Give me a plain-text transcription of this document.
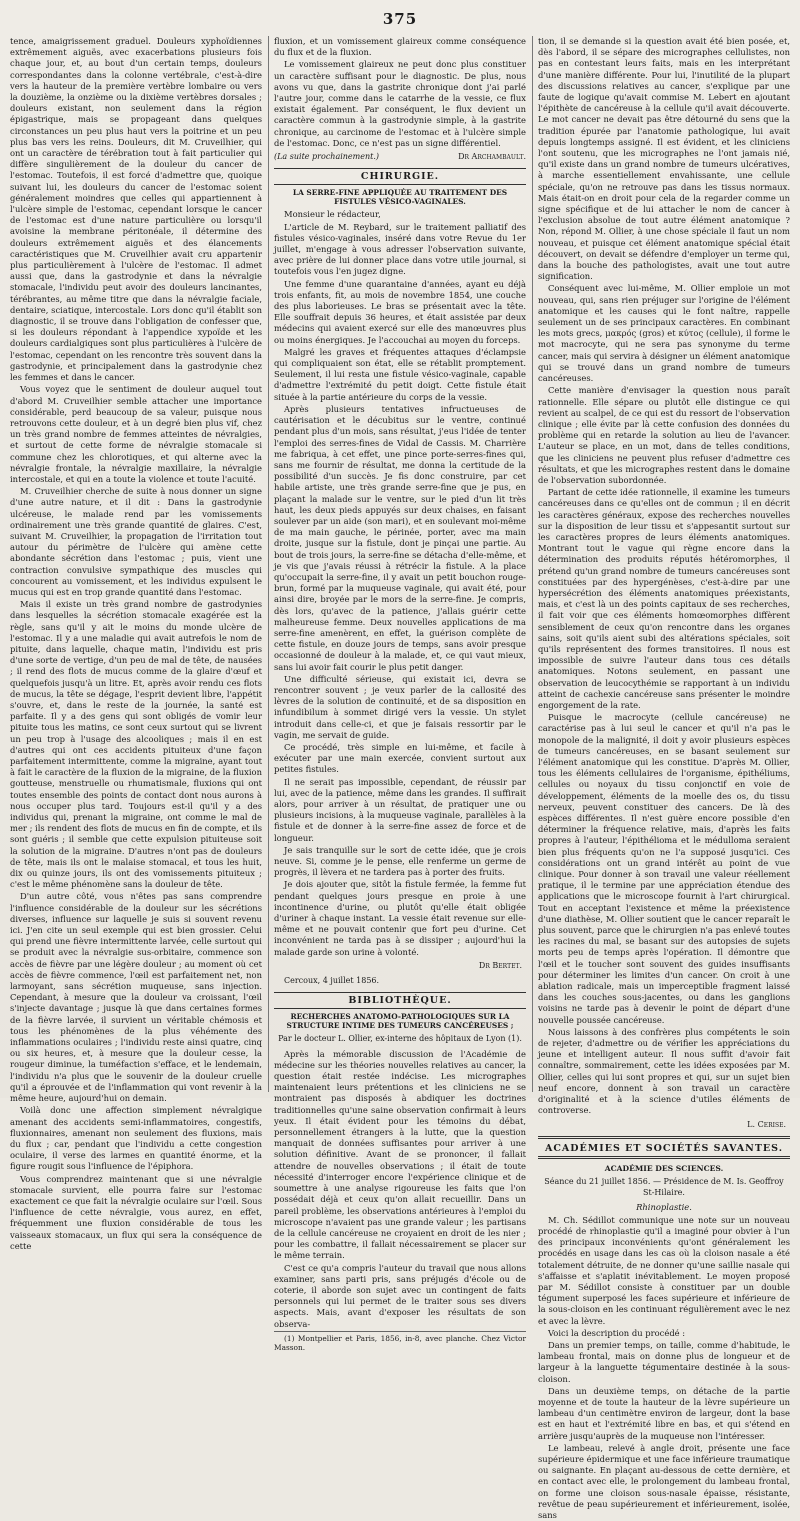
375

tence, amaigrissement graduel. Douleurs xyphoïdiennes extrêmement aiguës, avec exacerbations plusieurs fois chaque jour, et, au bout d'un certain temps, douleurs correspondantes dans la colonne vertébrale, c'est-à-dire vers la hauteur de la première vertèbre lombaire ou vers la douzième, la onzième ou la dixième vertèbres dorsales ; douleurs existant, non seulement dans la région épigastrique, mais se propageant dans quelques circonstances un peu plus haut vers la poitrine et un peu plus bas vers les reins. Douleurs, dit M. Cruveilhier, qui ont un caractère de térébration tout à fait particulier qui diffère singulièrement de la douleur du cancer de l'estomac. Toutefois, il est forcé d'admettre que, quoique suivant lui, les douleurs du cancer de l'estomac soient généralement moindres que celles qui appartiennent à l'ulcère simple de l'estomac, cependant lorsque le cancer de l'estomac est d'une nature particulière ou lorsqu'il avoisine la membrane péritonéale, il détermine des douleurs extrêmement aiguës et des élancements caractéristiques que M. Cruveilhier avait cru appartenir plus particulièrement à l'ulcère de l'estomac. Il admet aussi que, dans la gastrodynie et dans la névralgie stomacale, l'individu peut avoir des douleurs lancinantes, térébrantes, au même titre que dans la névralgie faciale, dentaire, sciatique, intercostale. Lors donc qu'il établit son diagnostic, il se trouve dans l'obligation de confesser que, si les douleurs répondant à l'appendice xypoïde et les douleurs cardialgiques sont plus particulières à l'ulcère de l'estomac, cependant on les rencontre très souvent dans la gastrodynie, et principalement dans la gastrodynie chez les femmes et dans le cancer.

Vous voyez que le sentiment de douleur auquel tout d'abord M. Cruveilhier semble attacher une importance considérable, perd beaucoup de sa valeur, puisque nous retrouvons cette douleur, et à un degré bien plus vif, chez un très grand nombre de femmes atteintes de névralgies, et surtout de cette forme de névralgie stomacale si commune chez les chlorotiques, et qui alterne avec la névralgie frontale, la névralgie maxillaire, la névralgie intercostale, et qui en a toute la violence et toute l'acuité.

M. Cruveilhier cherche de suite à nous donner un signe d'une autre nature, et il dit : Dans la gastrodynie ulcéreuse, le malade rend par les vomissements ordinairement une très grande quantité de glaires. C'est, suivant M. Cruveilhier, la propagation de l'irritation tout autour du périmètre de l'ulcère qui amène cette abondante sécrétion dans l'estomac ; puis, vient une contraction convulsive sympathique des muscles qui concourent au vomissement, et les individus expulsent le mucus qui est en trop grande quantité dans l'estomac.

Mais il existe un très grand nombre de gastrodynies dans lesquelles la sécrétion stomacale exagérée est la règle, sans qu'il y ait le moins du monde ulcère de l'estomac. Il y a une maladie qui avait autrefois le nom de pituite, dans laquelle, chaque matin, l'individu est pris d'une sorte de vertige, d'un peu de mal de tête, de nausées ; il rend des flots de mucus comme de la glaire d'œuf et quelquefois jusqu'à un litre. Et, après avoir rendu ces flots de mucus, la tête se dégage, l'esprit devient libre, l'appétit s'ouvre, et, dans le reste de la journée, la santé est parfaite. Il y a des gens qui sont obligés de vomir leur pituite tous les matins, ce sont ceux surtout qui se livrent un peu trop à l'usage des alcooliques ; mais il en est d'autres qui ont ces accidents pituiteux d'une façon parfaitement intermittente, comme la migraine, ayant tout à fait le caractère de la fluxion de la migraine, de la fluxion goutteuse, menstruelle ou rhumatismale, fluxions qui ont toutes ensemble des points de contact dont nous aurons à nous occuper plus tard. Toujours est-il qu'il y a des individus qui, prenant la migraine, ont comme le mal de mer ; ils rendent des flots de mucus en fin de compte, et ils sont guéris ; il semble que cette expulsion pituiteuse soit la solution de la migraine. D'autres n'ont pas de douleurs de tête, mais ils ont le malaise stomacal, et tous les huit, dix ou quinze jours, ils ont des vomissements pituiteux ; c'est le même phénomène sans la douleur de tête.

D'un autre côté, vous n'êtes pas sans comprendre l'influence considérable de la douleur sur les sécrétions diverses, influence sur laquelle je suis si souvent revenu ici. J'en cite un seul exemple qui est bien grossier. Celui qui prend une fièvre intermittente larvée, celle surtout qui se produit avec la névralgie sus-orbitaire, commence son accès de fièvre par une légère douleur ; au moment où cet accès de fièvre commence, l'œil est parfaitement net, non larmoyant, sans sécrétion muqueuse, sans injection. Cependant, à mesure que la douleur va croissant, l'œil s'injecte davantage ; jusque là que dans certaines formes de la fièvre larvée, il survient un véritable chémosis et tous les phénomènes de la plus véhémente des inflammations oculaires ; l'individu reste ainsi quatre, cinq ou six heures, et, à mesure que la douleur cesse, la rougeur diminue, la tuméfaction s'efface, et le lendemain, l'individu n'a plus que le souvenir de la douleur cruelle qu'il a éprouvée et de l'inflammation qui vont revenir à la même heure, aujourd'hui on demain.

Voilà donc une affection simplement névralgique amenant des accidents semi-inflammatoires, congestifs, fluxionnaires, amenant non seulement des fluxions, mais du flux ; car, pendant que l'individu a cette congestion oculaire, il verse des larmes en quantité énorme, et la figure rougit sous l'influence de l'épiphora.

Vous comprendrez maintenant que si une névralgie stomacale survient, elle pourra faire sur l'estomac exactement ce que fait la névralgie oculaire sur l'œil. Sous l'influence de cette névralgie, vous aurez, en effet, fréquemment une fluxion considérable de tous les vaisseaux stomacaux, un flux qui sera la conséquence de cette

fluxion, et un vomissement glaireux comme conséquence du flux et de la fluxion.

Le vomissement glaireux ne peut donc plus constituer un caractère suffisant pour le diagnostic. De plus, nous avons vu que, dans la gastrite chronique dont j'ai parlé l'autre jour, comme dans le catarrhe de la vessie, ce flux existait également. Par conséquent, le flux devient un caractère commun à la gastrodynie simple, à la gastrite chronique, au carcinome de l'estomac et à l'ulcère simple de l'estomac. Donc, ce n'est pas un signe différentiel.

(La suite prochainement.)	Dr Archambault.
CHIRURGIE.
LA SERRE-FINE APPLIQUÉE AU TRAITEMENT DES FISTULES VÉSICO-VAGINALES.

Monsieur le rédacteur,

L'article de M. Reybard, sur le traitement palliatif des fistules vésico-vaginales, inséré dans votre Revue du 1er juillet, m'engage à vous adresser l'observation suivante, avec prière de lui donner place dans votre utile journal, si toutefois vous l'en jugez digne.

Une femme d'une quarantaine d'années, ayant eu déjà trois enfants, fit, au mois de novembre 1854, une couche des plus laborieuses. Le bras se présentait avec la tête. Elle souffrait depuis 36 heures, et était assistée par deux médecins qui avaient exercé sur elle des manœuvres plus ou moins énergiques. Je l'accouchai au moyen du forceps.

Malgré les graves et fréquentes attaques d'éclampsie qui compliquaient son état, elle se rétablit promptement. Seulement, il lui resta une fistule vésico-vaginale, capable d'admettre l'extrémité du petit doigt. Cette fistule était située à la partie antérieure du corps de la vessie.

Après plusieurs tentatives infructueuses de cautérisation et le décubitus sur le ventre, continué pendant plus d'un mois, sans résultat, j'eus l'idée de tenter l'emploi des serres-fines de Vidal de Cassis. M. Charrière me fabriqua, à cet effet, une pince porte-serres-fines qui, sans me fournir de résultat, me donna la certitude de la possibilité d'un succès. Je fis donc construire, par cet habile artiste, une très grande serre-fine que je pus, en plaçant la malade sur le ventre, sur le pied d'un lit très haut, les deux pieds appuyés sur deux chaises, en faisant soulever par un aide (son mari), et en soulevant moi-même de ma main gauche, le périnée, porter, avec ma main droite, jusque sur la fistule, dont je pinçai une partie. Au bout de trois jours, la serre-fine se détacha d'elle-même, et je vis que j'avais réussi à rétrécir la fistule. A la place qu'occupait la serre-fine, il y avait un petit bouchon rouge-brun, formé par la muqueuse vaginale, qui avait été, pour ainsi dire, broyée par le mors de la serre-fine. Je compris, dès lors, qu'avec de la patience, j'allais guérir cette malheureuse femme. Deux nouvelles applications de ma serre-fine amenèrent, en effet, la guérison complète de cette fistule, en douze jours de temps, sans avoir presque occasionné de douleur à la malade, et, ce qui vaut mieux, sans lui avoir fait courir le plus petit danger.

Une difficulté sérieuse, qui existait ici, devra se rencontrer souvent ; je veux parler de la callosité des lèvres de la solution de continuité, et de sa disposition en infundibilum à sommet dirigé vers la vessie. Un stylet introduit dans celle-ci, et que je faisais ressortir par le vagin, me servait de guide.

Ce procédé, très simple en lui-même, et facile à exécuter par une main exercée, convient surtout aux petites fistules.

Il ne serait pas impossible, cependant, de réussir par lui, avec de la patience, même dans les grandes. Il suffirait alors, pour arriver à un résultat, de pratiquer une ou plusieurs incisions, à la muqueuse vaginale, parallèles à la fistule et de donner à la serre-fine assez de force et de longueur.

Je sais tranquille sur le sort de cette idée, que je crois neuve. Si, comme je le pense, elle renferme un germe de progrès, il lèvera et ne tardera pas à porter des fruits.

Je dois ajouter que, sitôt la fistule fermée, la femme fut pendant quelques jours presque en proie à une incontinence d'urine, ou plutôt qu'elle était obligée d'uriner à chaque instant. La vessie était revenue sur elle-même et ne pouvait contenir que fort peu d'urine. Cet inconvénient ne tarda pas à se dissiper ; aujourd'hui la malade garde son urine à volonté.

Dr Bertet.
Cercoux, 4 juillet 1856.
BIBLIOTHÈQUE.
RECHERCHES ANATOMO-PATHOLOGIQUES SUR LA STRUCTURE INTIME DES TUMEURS CANCÉREUSES ;
Par le docteur L. Ollier, ex-interne des hôpitaux de Lyon (1).

Après la mémorable discussion de l'Académie de médecine sur les théories nouvelles relatives au cancer, la question était restée indécise. Les micrographes maintenaient leurs prétentions et les cliniciens ne se montraient pas disposés à abdiquer les doctrines traditionnelles qu'une saine observation confirmait à leurs yeux. Il était évident pour les témoins du débat, personnellement étrangers à la lutte, que la question manquait de données suffisantes pour arriver à une solution définitive. Avant de se prononcer, il fallait attendre de nouvelles observations ; il était de toute nécessité d'interroger encore l'expérience clinique et de soumettre à une analyse rigoureuse les faits que l'on possédait déjà et ceux qu'on allait recueillir. Dans un pareil problème, les observations antérieures à l'emploi du microscope n'avaient pas une grande valeur ; les partisans de la cellule cancéreuse ne croyaient en droit de les nier ; pour les combattre, il fallait nécessairement se placer sur le même terrain.

C'est ce qu'a compris l'auteur du travail que nous allons examiner, sans parti pris, sans préjugés d'école ou de coterie, il aborde son sujet avec un contingent de faits personnels qui lui permet de le traiter sous ses divers aspects. Mais, avant d'exposer les résultats de son observa-

(1) Montpellier et Paris, 1856, in-8, avec planche. Chez Victor Masson.

tion, il se demande si la question avait été bien posée, et, dès l'abord, il se sépare des micrographes cellulistes, non pas en contestant leurs faits, mais en les interprétant d'une manière différente. Pour lui, l'inutilité de la plupart des discussions relatives au cancer, s'explique par une faute de logique qu'avait commise M. Lebert en ajoutant l'épithète de cancéreuse à la cellule qu'il avait découverte. Le mot cancer ne devait pas être détourné du sens que la tradition épurée par l'anatomie pathologique, lui avait depuis longtemps assigné. Il est évident, et les cliniciens l'ont soutenu, que les micrographes ne l'ont jamais nié, qu'il existe dans un grand nombre de tumeurs ulcératives, à marche essentiellement envahissante, une cellule spéciale, qu'on ne retrouve pas dans les tissus normaux. Mais était-on en droit pour cela de la regarder comme un signe spécifique et de lui attacher le nom de cancer à l'exclusion absolue de tout autre élément anatomique ? Non, répond M. Ollier, à une chose spéciale il faut un nom nouveau, et puisque cet élément anatomique spécial était découvert, on devait se défendre d'employer un terme qui, dans la bouche des pathologistes, avait une tout autre signification.

Conséquent avec lui-même, M. Ollier emploie un mot nouveau, qui, sans rien préjuger sur l'origine de l'élément anatomique et les causes qui le font naître, rappelle seulement un de ses principaux caractères. En combinant les mots grecs, μακρός (gros) et κύτος (cellule), il forme le mot macrocyte, qui ne sera pas synonyme du terme cancer, mais qui servira à désigner un élément anatomique qui se trouvé dans un grand nombre de tumeurs cancéreuses.

Cette manière d'envisager la question nous paraît rationnelle. Elle sépare ou plutôt elle distingue ce qui revient au scalpel, de ce qui est du ressort de l'observation clinique ; elle évite par là cette confusion des données du problème qui en retarde la solution au lieu de l'avancer. L'auteur se place, en un mot, dans de telles conditions, que les cliniciens ne peuvent plus refuser d'admettre ces résultats, et que les micrographes restent dans le domaine de l'observation subordonnée.

Partant de cette idée rationnelle, il examine les tumeurs cancéreuses dans ce qu'elles ont de commun ; il en décrit les caractères généraux, expose des recherches nouvelles sur la disposition de leur tissu et s'appesantit surtout sur les caractères propres de leurs éléments anatomiques. Montrant tout le vague qui règne encore dans la détermination des produits réputés hétéromorphes, il prétend qu'un grand nombre de tumeurs cancéreuses sont constituées par des hypergénèses, c'est-à-dire par une hypersécrétion des éléments anatomiques préexistants, mais, et c'est là un des points capitaux de ses recherches, il fait voir que ces éléments homœomorphes diffèrent sensiblement de ceux qu'on rencontre dans les organes sains, soit qu'ils aient subi des altérations spéciales, soit qu'ils représentent des formes transitoires. Il nous est impossible de suivre l'auteur dans tous ces détails anatomiques. Notons seulement, en passant une observation de leucocythémie se rapportant à un individu atteint de cachexie cancéreuse sans présenter le moindre engorgement de la rate.

Puisque le macrocyte (cellule cancéreuse) ne caractérise pas à lui seul le cancer et qu'il n'a pas le monopole de la malignité, il doit y avoir plusieurs espèces de tumeurs cancéreuses, en se basant seulement sur l'élément anatomique qui les constitue. D'après M. Ollier, tous les éléments cellulaires de l'organisme, épithéliums, cellules ou noyaux du tissu conjonctif en voie de développement, éléments de la moelle des os, du tissu nerveux, peuvent constituer des cancers. De là des espèces différentes. Il n'est guère encore possible d'en déterminer la fréquence relative, mais, d'après les faits propres à l'auteur, l'épithélioma et le médulloma seraient bien plus fréquents qu'on ne l'a supposé jusqu'ici. Ces considérations ont un grand intérêt au point de vue clinique. Pour donner à son travail une valeur réellement pratique, il le termine par une appréciation étendue des applications que le microscope fournit à l'art chirurgical. Tout en acceptant l'existence et même la préexistence d'une diathèse, M. Ollier soutient que le cancer reparaît le plus souvent, parce que le chirurgien n'a pas enlevé toutes les racines du mal, se basant sur des autopsies de sujets morts peu de temps après l'opération. Il démontre que l'œil et le toucher sont souvent des guides insuffisants pour déterminer les limites d'un cancer. On croit à une ablation radicale, mais un imperceptible fragment laissé dans les couches sous-jacentes, ou dans les ganglions voisins ne tarde pas à devenir le point de départ d'une nouvelle poussée cancéreuse.

Nous laissons à des confrères plus compétents le soin de rejeter, d'admettre ou de vérifier les appréciations du jeune et intelligent auteur. Il nous suffit d'avoir fait connaître, sommairement, cette les idées exposées par M. Ollier, celles qui lui sont propres et qui, sur un sujet bien neuf encore, donnent à son travail un caractère d'originalité et à la science d'utiles éléments de controverse.

L. Cerise.
ACADÉMIES ET SOCIÉTÉS SAVANTES.
ACADÉMIE DES SCIENCES.
Séance du 21 juillet 1856. — Présidence de M. Is. Geoffroy St-Hilaire.
Rhinoplastie.

M. Ch. Sédillot communique une note sur un nouveau procédé de rhinoplastie qu'il a imaginé pour obvier à l'un des principaux inconvénients qu'ont généralement les procédés en usage dans les cas où la cloison nasale a été totalement détruite, de ne donner qu'une saillie nasale qui s'affaisse et s'aplatit inévitablement. Le moyen proposé par M. Sédillot consiste à constituer par un double tégument superposé les faces supérieure et inférieure de la sous-cloison en les continuant régulièrement avec le nez et avec la lèvre.

Voici la description du procédé :

Dans un premier temps, on taille, comme d'habitude, le lambeau frontal, mais on donne plus de longueur et de largeur à la languette tégumentaire destinée à la sous-cloison.

Dans un deuxième temps, on détache de la partie moyenne et de toute la hauteur de la lèvre supérieure un lambeau d'un centimètre environ de largeur, dont la base est en haut et l'extrémité libre en bas, et qui s'étend en arrière jusqu'auprès de la muqueuse non l'intéresser.

Le lambeau, relevé à angle droit, présente une face supérieure épidermique et une face inférieure traumatique ou saignante. En plaçant au-dessous de cette dernière, et en contact avec elle, le prolongement du lambeau frontal, on forme une cloison sous-nasale épaisse, résistante, revêtue de peau supérieurement et inférieurement, isolée, sans
